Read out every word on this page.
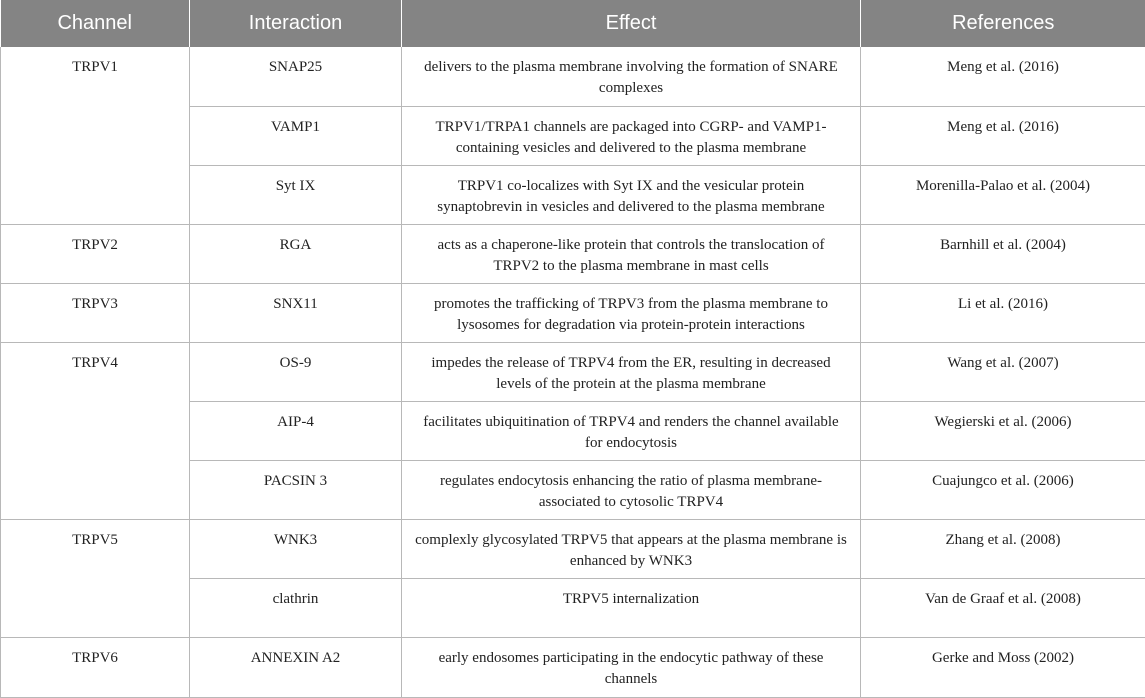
Channel	Interaction	Effect	References
TRPV1	SNAP25	delivers to the plasma membrane involving the formation of SNARE complexes	Meng et al. (2016)
	VAMP1	TRPV1/TRPA1 channels are packaged into CGRP- and VAMP1-containing vesicles and delivered to the plasma membrane	Meng et al. (2016)
	Syt IX	TRPV1 co-localizes with Syt IX and the vesicular protein synaptobrevin in vesicles and delivered to the plasma membrane	Morenilla-Palao et al. (2004)
TRPV2	RGA	acts as a chaperone-like protein that controls the translocation of TRPV2 to the plasma membrane in mast cells	Barnhill et al. (2004)
TRPV3	SNX11	promotes the trafficking of TRPV3 from the plasma membrane to lysosomes for degradation via protein-protein interactions	Li et al. (2016)
TRPV4	OS-9	impedes the release of TRPV4 from the ER, resulting in decreased levels of the protein at the plasma membrane	Wang et al. (2007)
	AIP-4	facilitates ubiquitination of TRPV4 and renders the channel available for endocytosis	Wegierski et al. (2006)
	PACSIN 3	regulates endocytosis enhancing the ratio of plasma membrane-associated to cytosolic TRPV4	Cuajungco et al. (2006)
TRPV5	WNK3	complexly glycosylated TRPV5 that appears at the plasma membrane is enhanced by WNK3	Zhang et al. (2008)
	clathrin	TRPV5 internalization	Van de Graaf et al. (2008)
TRPV6	ANNEXIN A2	early endosomes participating in the endocytic pathway of these channels	Gerke and Moss (2002)
